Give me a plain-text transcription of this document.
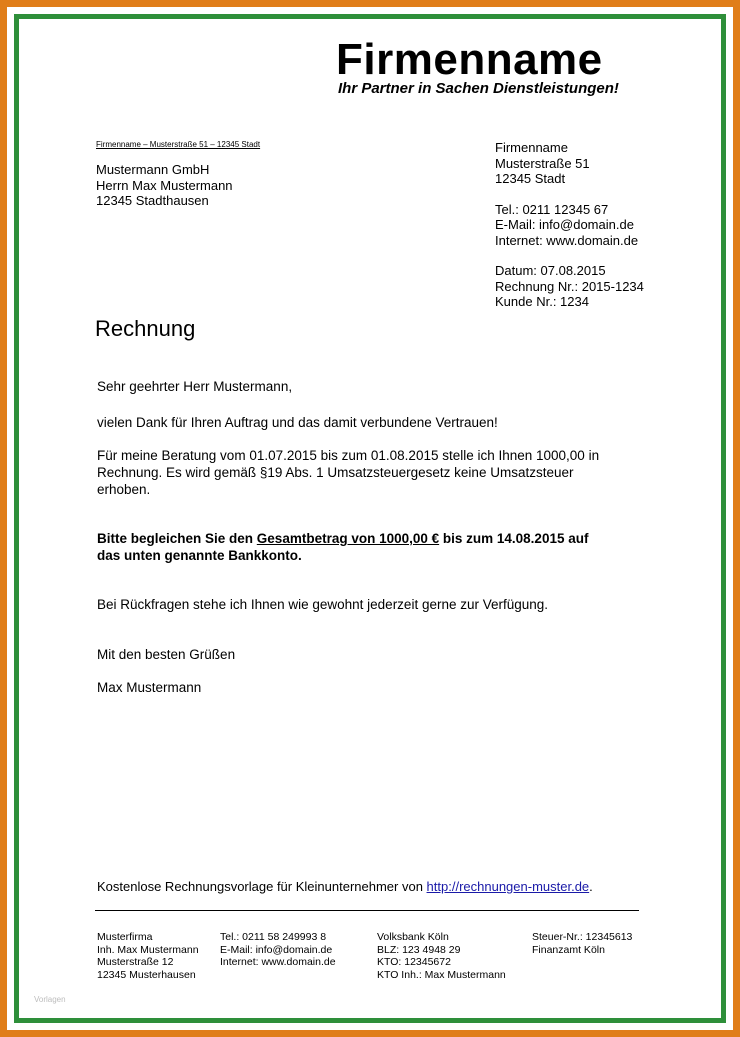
Firmenname
Ihr Partner in Sachen Dienstleistungen!
Firmenname – Musterstraße 51 – 12345 Stadt
Mustermann GmbH
Herrn Max Mustermann
12345 Stadthausen
Firmenname
Musterstraße 51
12345 Stadt
Tel.: 0211 12345 67
E-Mail: info@domain.de
Internet: www.domain.de
Datum: 07.08.2015
Rechnung Nr.: 2015-1234
Kunde Nr.: 1234
Rechnung
Sehr geehrter Herr Mustermann,
vielen Dank für Ihren Auftrag und das damit verbundene Vertrauen!
Für meine Beratung vom 01.07.2015 bis zum 01.08.2015 stelle ich Ihnen 1000,00 in
Rechnung. Es wird gemäß §19 Abs. 1 Umsatzsteuergesetz keine Umsatzsteuer
erhoben.
Bitte begleichen Sie den Gesamtbetrag von 1000,00 € bis zum 14.08.2015 auf
das unten genannte Bankkonto.
Bei Rückfragen stehe ich Ihnen wie gewohnt jederzeit gerne zur Verfügung.
Mit den besten Grüßen
Max Mustermann
Kostenlose Rechnungsvorlage für Kleinunternehmer von http://rechnungen-muster.de.
Musterfirma
Inh. Max Mustermann
Musterstraße 12
12345 Musterhausen
Tel.: 0211 58 249993 8
E-Mail: info@domain.de
Internet: www.domain.de
Volksbank Köln
BLZ: 123 4948 29
KTO: 12345672
KTO Inh.: Max Mustermann
Steuer-Nr.: 12345613
Finanzamt Köln
Vorlagen
